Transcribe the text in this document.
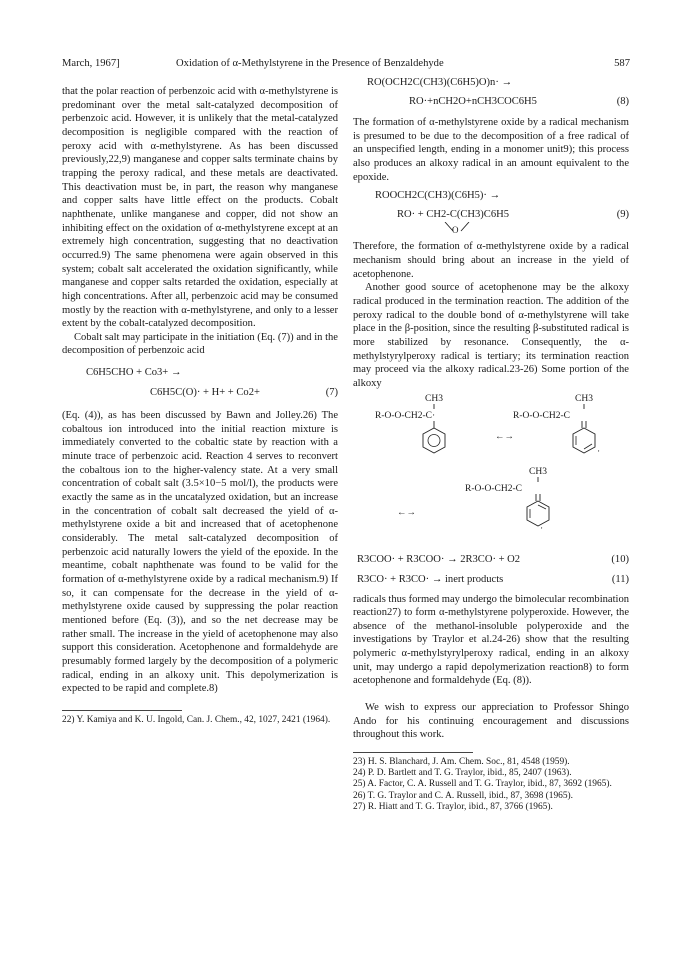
March, 1967]	Oxidation of α-Methylstyrene in the Presence of Benzaldehyde	587

that the polar reaction of perbenzoic acid with α-methylstyrene is predominant over the metal salt-catalyzed decomposition of perbenzoic acid. However, it is unlikely that the metal-catalyzed decomposition is negligible compared with the reaction of peroxy acid with α-methylstyrene. As has been discussed previously,22,9) manganese and copper salts terminate chains by trapping the peroxy radical, and these metals are deactivated. This deactivation must be, in part, the reason why manganese and copper salts have little effect on the products. Cobalt naphthenate, unlike manganese and copper, did not show an inhibiting effect on the oxidation of α-methylstyrene except at an extremely high concentration, suggesting that no deactivation occurred.9) The same phenomena were again observed in this system; cobalt salt accelerated the oxidation significantly, while manganese and copper salts retarded the oxidation, especially at high concentrations. After all, perbenzoic acid may be consumed mostly by the reaction with α-methylstyrene, and only to a lesser extent by the cobalt-catalyzed decomposition.

Cobalt salt may participate in the initiation (Eq. (7)) and in the decomposition of perbenzoic acid

C6H5CHO + Co3+ →
C6H5C(O)· + H+ + Co2+	(7)

(Eq. (4)), as has been discussed by Bawn and Jolley.26) The cobaltous ion introduced into the initial reaction mixture is immediately converted to the cobaltic state by reaction with a minute trace of perbenzoic acid. Reaction 4 serves to reconvert the cobaltous ion to the higher-valency state. At a very small concentration of cobalt salt (3.5×10−5 mol/l), the products were exactly the same as in the uncatalyzed oxidation, but an increase in the concentration of cobalt salt decreased the yield of α-methylstyrene oxide a bit and increased that of acetophenone considerably. The metal salt-catalyzed decomposition of perbenzoic acid naturally lowers the yield of the epoxide. In the meantime, cobalt naphthenate was found to be valid for the formation of α-methylstyrene oxide by a radical mechanism.9) If so, it can compensate for the decrease in the yield of α-methylstyrene oxide caused by suppressing the polar reaction mentioned before (Eq. (3)), and so the net decrease may be rather small. The increase in the yield of acetophenone may also support this consideration. Acetophenone and formaldehyde are presumably formed largely by the decomposition of a polymeric radical, ending in an alkoxy unit. This depolymerization is expected to be rapid and complete.8)

22) Y. Kamiya and K. U. Ingold, Can. J. Chem., 42, 1027, 2421 (1964).

RO(OCH2C(CH3)(C6H5)O)n· →
RO·+nCH2O+nCH3COC6H5	(8)

The formation of α-methylstyrene oxide by a radical mechanism is presumed to be due to the decomposition of a free radical of an unspecified length, ending in a monomer unit9); this process also produces an alkoxy radical in an amount equivalent to the epoxide.

ROOCH2C(CH3)(C6H5)· →
RO· + CH2-C(CH3)C6H5	(9)
O

Therefore, the formation of α-methylstyrene oxide by a radical mechanism should bring about an increase in the yield of acetophenone.

Another good source of acetophenone may be the alkoxy radical produced in the termination reaction. The addition of the peroxy radical to the double bond of α-methylstyrene will take place in the β-position, since the resulting β-substituted radical is more stabilized by resonance. Consequently, the α-methylstyrylperoxy radical is tertiary; its termination reaction may proceed via the alkoxy radical.23-26) Some portion of the alkoxy

CH3	CH3
R-O-O-CH2-C·	R-O-O-CH2-C
·
←→
CH3
R-O-O-CH2-C
·
←→
R3COO· + R3COO· → 2R3CO· + O2	(10)
R3CO· + R3CO· → inert products	(11)

radicals thus formed may undergo the bimolecular recombination reaction27) to form α-methylstyrene polyperoxide. However, the absence of the methanol-insoluble polyperoxide and the investigations by Traylor et al.24-26) show that the resulting polymeric α-methylstyrylperoxy radical, ending in an alkoxy unit, may undergo a rapid depolymerization reaction8) to form acetophenone and formaldehyde (Eq. (8)).

We wish to express our appreciation to Professor Shingo Ando for his continuing encouragement and discussions throughout this work.

23) H. S. Blanchard, J. Am. Chem. Soc., 81, 4548 (1959).

24) P. D. Bartlett and T. G. Traylor, ibid., 85, 2407 (1963).

25) A. Factor, C. A. Russell and T. G. Traylor, ibid., 87, 3692 (1965).

26) T. G. Traylor and C. A. Russell, ibid., 87, 3698 (1965).

27) R. Hiatt and T. G. Traylor, ibid., 87, 3766 (1965).
